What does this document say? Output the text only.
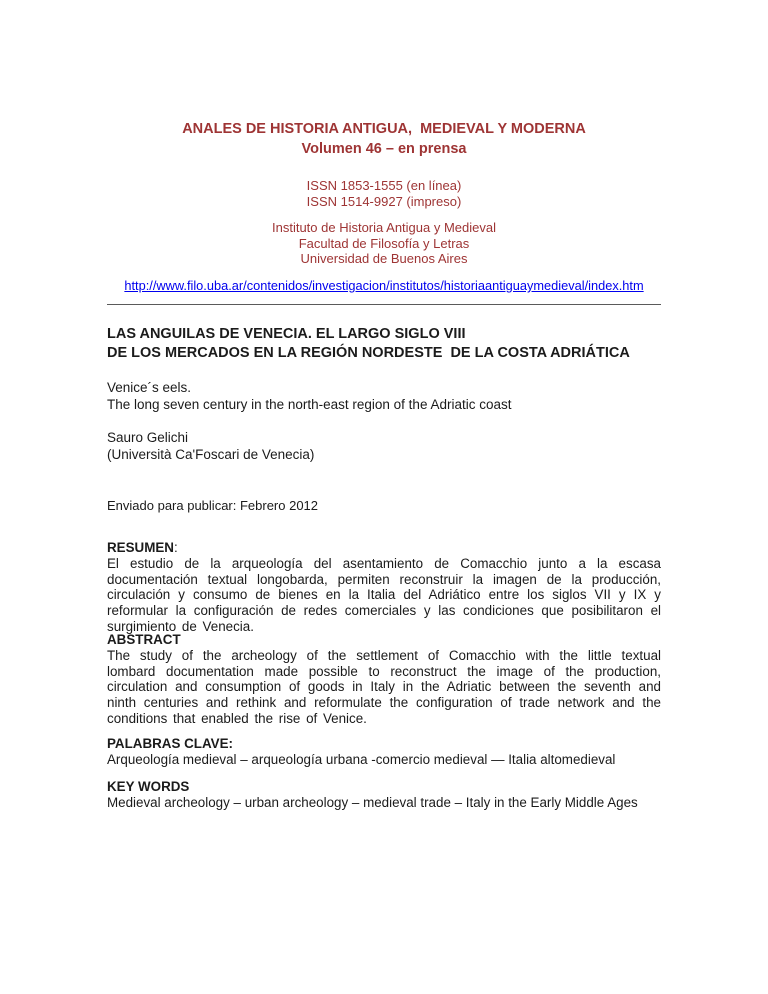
ANALES DE HISTORIA ANTIGUA,  MEDIEVAL Y MODERNA
Volumen 46 – en prensa
ISSN 1853-1555 (en línea)
ISSN 1514-9927 (impreso)
Instituto de Historia Antigua y Medieval
Facultad de Filosofía y Letras
Universidad de Buenos Aires
http://www.filo.uba.ar/contenidos/investigacion/institutos/historiaantiguaymedieval/index.htm
LAS ANGUILAS DE VENECIA. EL LARGO SIGLO VIII
DE LOS MERCADOS EN LA REGIÓN NORDESTE  DE LA COSTA ADRIÁTICA
Venice´s eels.
The long seven century in the north-east region of the Adriatic coast
Sauro Gelichi
(Università Ca'Foscari de Venecia)
Enviado para publicar: Febrero 2012
RESUMEN:
El estudio de la arqueología del asentamiento de Comacchio junto a la escasa documentación textual longobarda, permiten reconstruir la imagen de la producción, circulación y consumo de bienes en la Italia del Adriático entre los siglos VII y IX y reformular la configuración de redes comerciales y las condiciones que posibilitaron el surgimiento de Venecia.
ABSTRACT
The study of the archeology of the settlement of Comacchio with the little textual lombard documentation made possible to reconstruct the image of the production, circulation and consumption of goods in Italy in the Adriatic between the seventh and ninth centuries and rethink and reformulate the configuration of trade network and the conditions that enabled the rise of Venice.
PALABRAS CLAVE:
Arqueología medieval – arqueología urbana -comercio medieval — Italia altomedieval
KEY WORDS
Medieval archeology – urban archeology – medieval trade – Italy in the Early Middle Ages
